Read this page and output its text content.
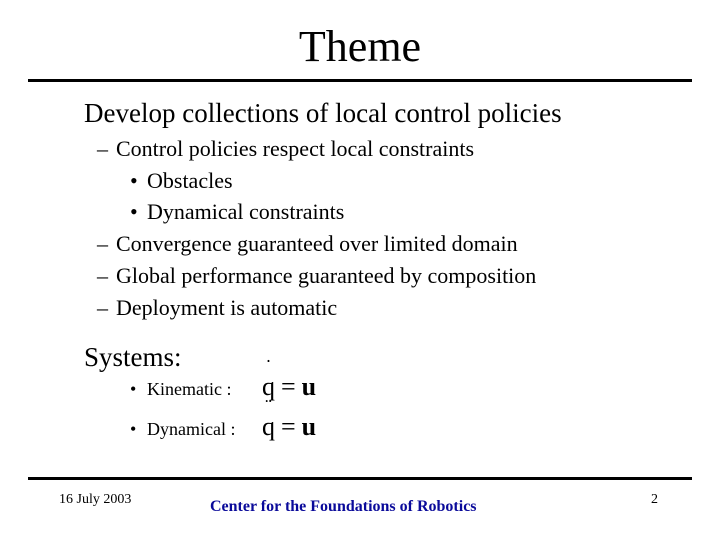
Theme
Develop collections of local control policies
– Control policies respect local constraints
• Obstacles
• Dynamical constraints
– Convergence guaranteed over limited domain
– Global performance guaranteed by composition
– Deployment is automatic
Systems:
• Kinematic :
˙
q = u
• Dynamical :
¨
q = u
16 July 2003	Center for the Foundations of Robotics	2
